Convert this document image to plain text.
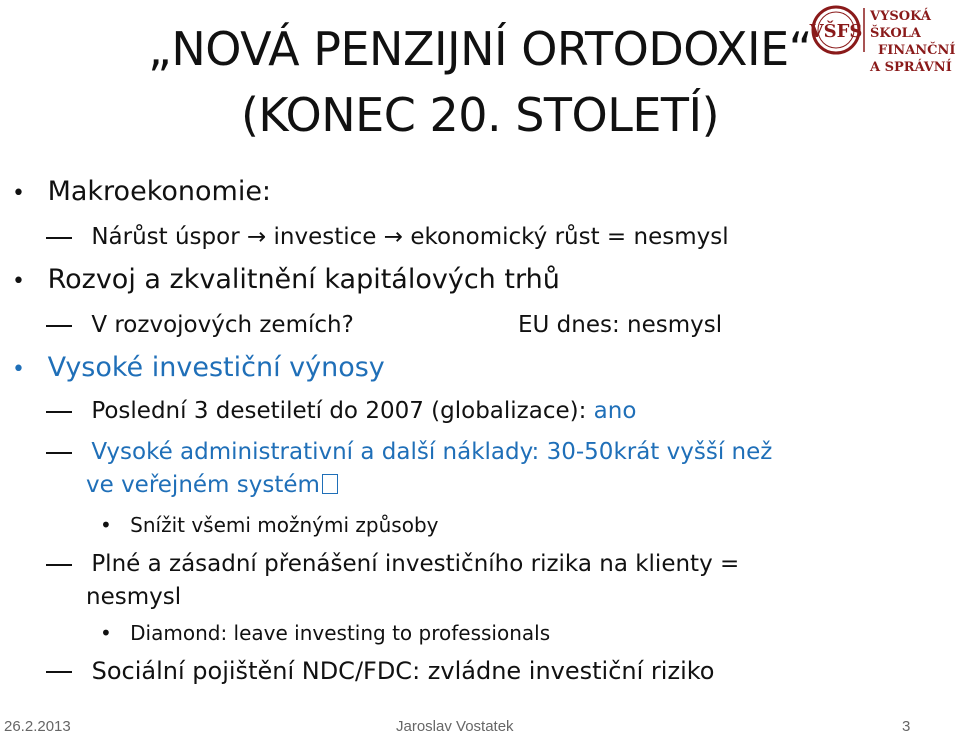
VŠFS
VYSOKÁ ŠKOLA
FINANČNÍ
A SPRÁVNÍ
„NOVÁ PENZIJNÍ ORTODOXIE“
(KONEC 20. STOLETÍ)
• Makroekonomie:
Nárůst úspor → investice → ekonomický růst = nesmysl
• Rozvoj a zkvalitnění kapitálových trhů
V rozvojových zemích?	EU dnes: nesmysl
• Vysoké investiční výnosy
Poslední 3 desetiletí do 2007 (globalizace): ano
Vysoké administrativní a další náklady: 30-50krát vyšší než
ve veřejném systém
• Snížit všemi možnými způsoby
Plné a zásadní přenášení investičního rizika na klienty =
nesmysl
• Diamond: leave investing to professionals
Sociální pojištění NDC/FDC: zvládne investiční riziko
26.2.2013	Jaroslav Vostatek	3
